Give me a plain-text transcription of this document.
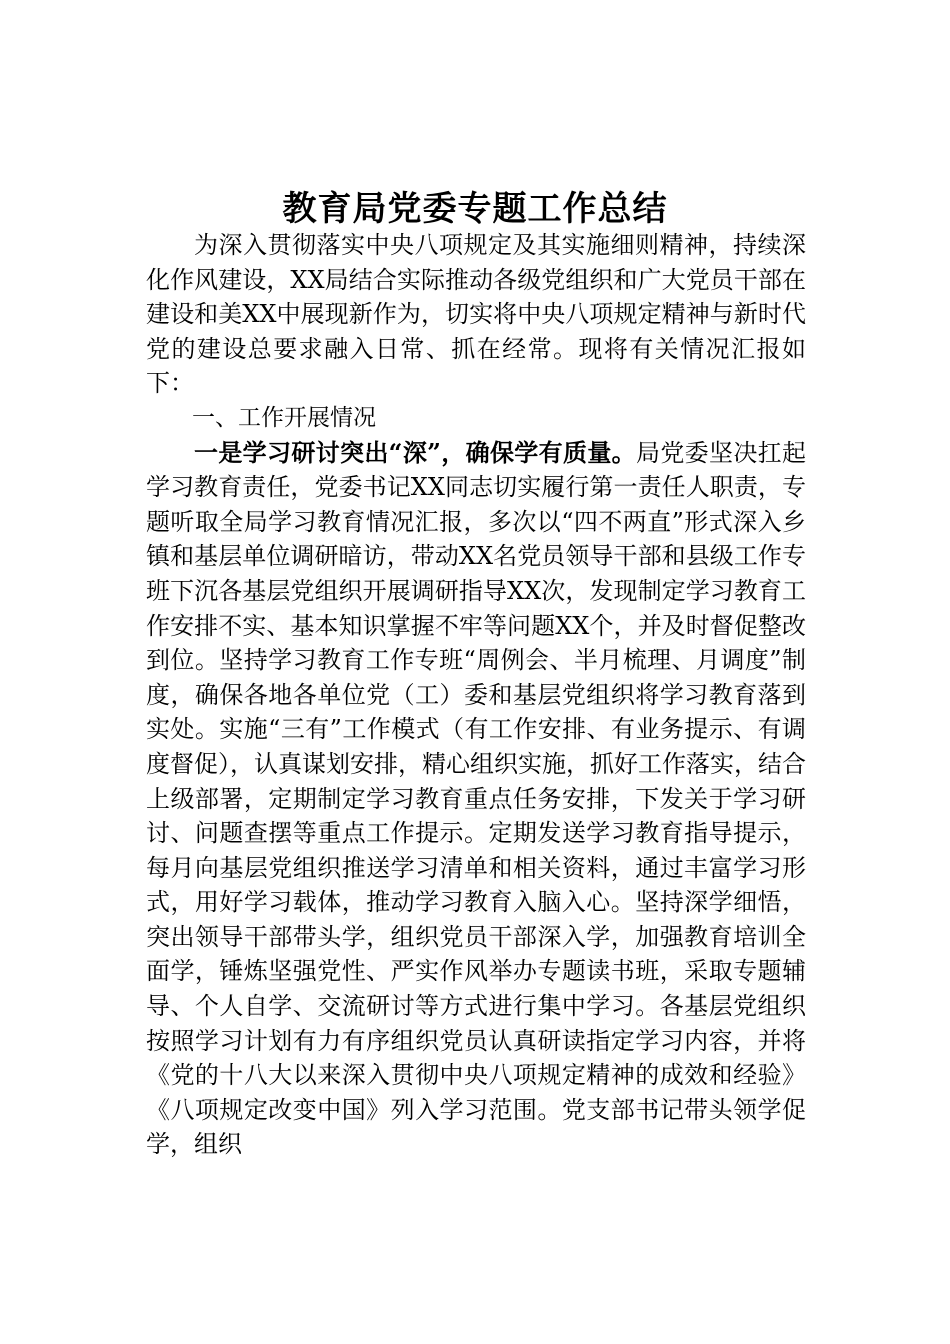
教育局党委专题工作总结

为深入贯彻落实中央八项规定及其实施细则精神，持续深化作风建设，XX局结合实际推动各级党组织和广大党员干部在建设和美XX中展现新作为，切实将中央八项规定精神与新时代党的建设总要求融入日常、抓在经常。现将有关情况汇报如下：

一、工作开展情况

一是学习研讨突出“深”，确保学有质量。局党委坚决扛起学习教育责任，党委书记XX同志切实履行第一责任人职责，专题听取全局学习教育情况汇报，多次以“四不两直”形式深入乡镇和基层单位调研暗访，带动XX名党员领导干部和县级工作专班下沉各基层党组织开展调研指导XX次，发现制定学习教育工作安排不实、基本知识掌握不牢等问题XX个，并及时督促整改到位。坚持学习教育工作专班“周例会、半月梳理、月调度”制度，确保各地各单位党（工）委和基层党组织将学习教育落到实处。实施“三有”工作模式（有工作安排、有业务提示、有调度督促），认真谋划安排，精心组织实施，抓好工作落实，结合上级部署，定期制定学习教育重点任务安排，下发关于学习研讨、问题查摆等重点工作提示。定期发送学习教育指导提示，每月向基层党组织推送学习清单和相关资料，通过丰富学习形式，用好学习载体，推动学习教育入脑入心。坚持深学细悟，突出领导干部带头学，组织党员干部深入学，加强教育培训全面学，锤炼坚强党性、严实作风举办专题读书班，采取专题辅导、个人自学、交流研讨等方式进行集中学习。各基层党组织按照学习计划有力有序组织党员认真研读指定学习内容，并将《党的十八大以来深入贯彻中央八项规定精神的成效和经验》《八项规定改变中国》列入学习范围。党支部书记带头领学促学，组织
